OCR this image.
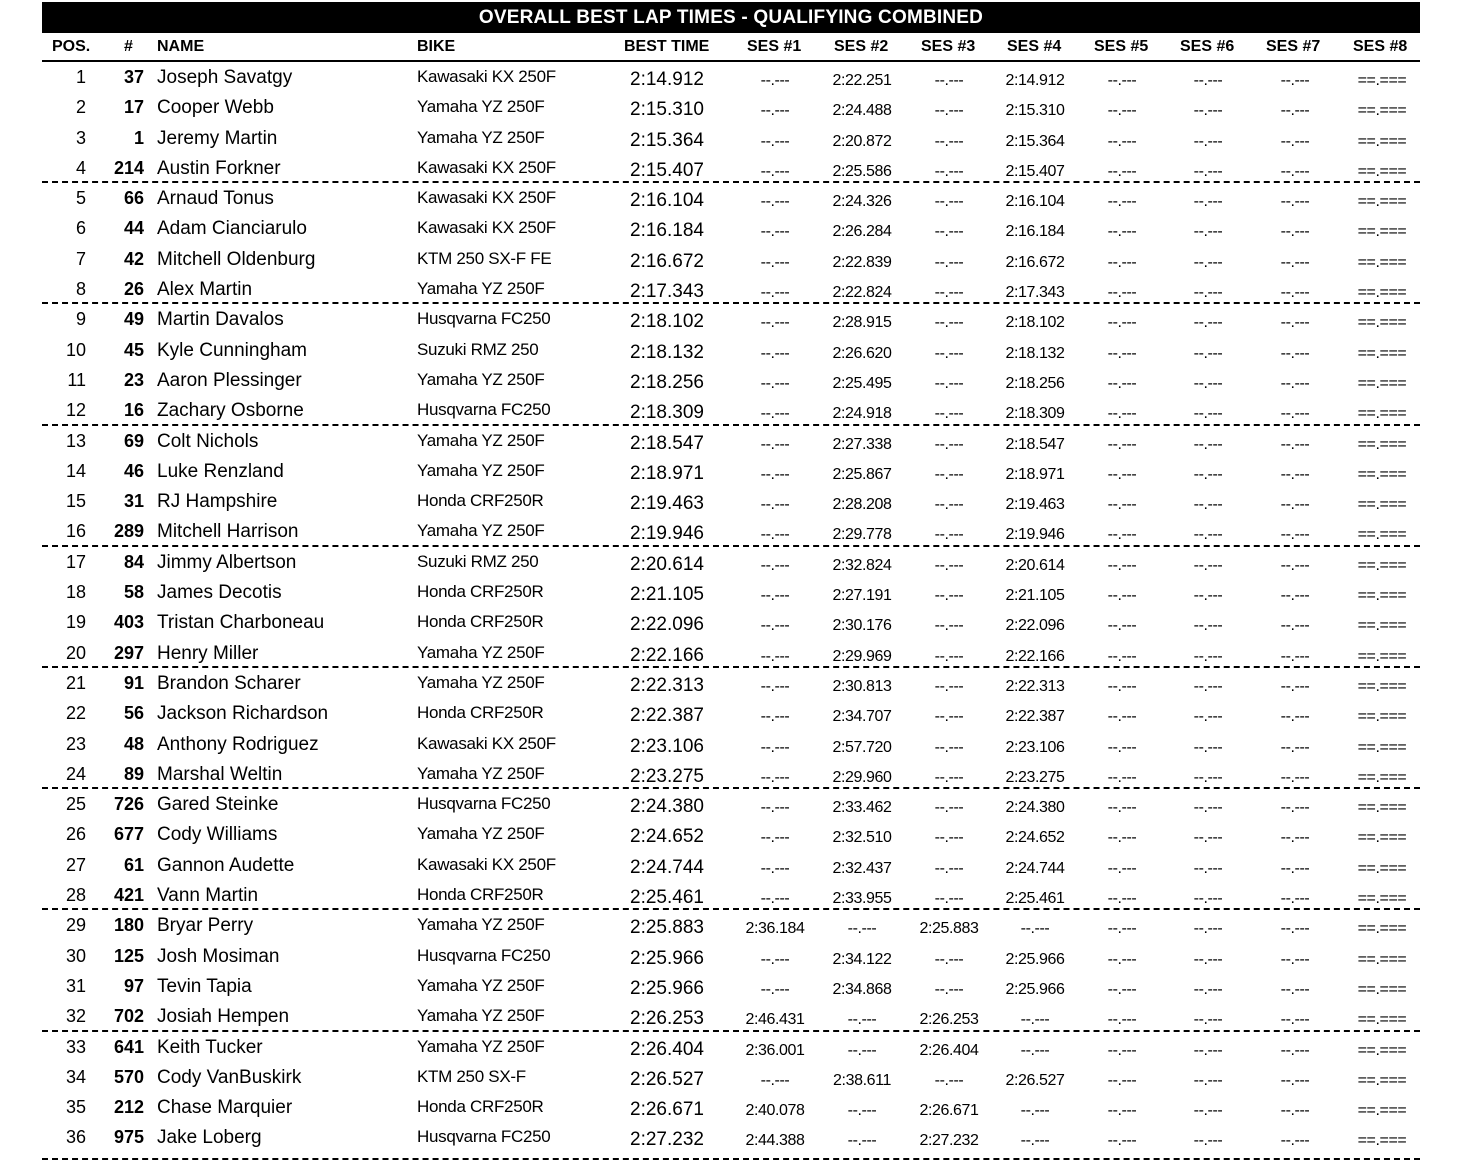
OVERALL BEST LAP TIMES - QUALIFYING COMBINED
POS. # NAME	BIKE	BEST TIME SES #1 SES #2 SES #3 SES #4 SES #5 SES #6 SES #7 SES #8
1	37 Joseph Savatgy	Kawasaki KX 250F	2:14.912	--.---	2:22.251	--.---	2:14.912	--.---	--.---	--.---	==.===
2	17 Cooper Webb	Yamaha YZ 250F	2:15.310	--.---	2:24.488	--.---	2:15.310	--.---	--.---	--.---	==.===
3	1 Jeremy Martin	Yamaha YZ 250F	2:15.364	--.---	2:20.872	--.---	2:15.364	--.---	--.---	--.---	==.===
4	214 Austin Forkner	Kawasaki KX 250F	2:15.407	--.---	2:25.586	--.---	2:15.407	--.---	--.---	--.---	==.===
5	66 Arnaud Tonus	Kawasaki KX 250F	2:16.104	--.---	2:24.326	--.---	2:16.104	--.---	--.---	--.---	==.===
6	44 Adam Cianciarulo	Kawasaki KX 250F	2:16.184	--.---	2:26.284	--.---	2:16.184	--.---	--.---	--.---	==.===
7	42 Mitchell Oldenburg	KTM 250 SX-F FE	2:16.672	--.---	2:22.839	--.---	2:16.672	--.---	--.---	--.---	==.===
8	26 Alex Martin	Yamaha YZ 250F	2:17.343	--.---	2:22.824	--.---	2:17.343	--.---	--.---	--.---	==.===
9	49 Martin Davalos	Husqvarna FC250	2:18.102	--.---	2:28.915	--.---	2:18.102	--.---	--.---	--.---	==.===
10	45 Kyle Cunningham	Suzuki RMZ 250	2:18.132	--.---	2:26.620	--.---	2:18.132	--.---	--.---	--.---	==.===
11	23 Aaron Plessinger	Yamaha YZ 250F	2:18.256	--.---	2:25.495	--.---	2:18.256	--.---	--.---	--.---	==.===
12	16 Zachary Osborne	Husqvarna FC250	2:18.309	--.---	2:24.918	--.---	2:18.309	--.---	--.---	--.---	==.===
13	69 Colt Nichols	Yamaha YZ 250F	2:18.547	--.---	2:27.338	--.---	2:18.547	--.---	--.---	--.---	==.===
14	46 Luke Renzland	Yamaha YZ 250F	2:18.971	--.---	2:25.867	--.---	2:18.971	--.---	--.---	--.---	==.===
15	31 RJ Hampshire	Honda CRF250R	2:19.463	--.---	2:28.208	--.---	2:19.463	--.---	--.---	--.---	==.===
16	289 Mitchell Harrison	Yamaha YZ 250F	2:19.946	--.---	2:29.778	--.---	2:19.946	--.---	--.---	--.---	==.===
17	84 Jimmy Albertson	Suzuki RMZ 250	2:20.614	--.---	2:32.824	--.---	2:20.614	--.---	--.---	--.---	==.===
18	58 James Decotis	Honda CRF250R	2:21.105	--.---	2:27.191	--.---	2:21.105	--.---	--.---	--.---	==.===
19	403 Tristan Charboneau	Honda CRF250R	2:22.096	--.---	2:30.176	--.---	2:22.096	--.---	--.---	--.---	==.===
20	297 Henry Miller	Yamaha YZ 250F	2:22.166	--.---	2:29.969	--.---	2:22.166	--.---	--.---	--.---	==.===
21	91 Brandon Scharer	Yamaha YZ 250F	2:22.313	--.---	2:30.813	--.---	2:22.313	--.---	--.---	--.---	==.===
22	56 Jackson Richardson	Honda CRF250R	2:22.387	--.---	2:34.707	--.---	2:22.387	--.---	--.---	--.---	==.===
23	48 Anthony Rodriguez	Kawasaki KX 250F	2:23.106	--.---	2:57.720	--.---	2:23.106	--.---	--.---	--.---	==.===
24	89 Marshal Weltin	Yamaha YZ 250F	2:23.275	--.---	2:29.960	--.---	2:23.275	--.---	--.---	--.---	==.===
25	726 Gared Steinke	Husqvarna FC250	2:24.380	--.---	2:33.462	--.---	2:24.380	--.---	--.---	--.---	==.===
26	677 Cody Williams	Yamaha YZ 250F	2:24.652	--.---	2:32.510	--.---	2:24.652	--.---	--.---	--.---	==.===
27	61 Gannon Audette	Kawasaki KX 250F	2:24.744	--.---	2:32.437	--.---	2:24.744	--.---	--.---	--.---	==.===
28	421 Vann Martin	Honda CRF250R	2:25.461	--.---	2:33.955	--.---	2:25.461	--.---	--.---	--.---	==.===
29	180 Bryar Perry	Yamaha YZ 250F	2:25.883	2:36.184	--.---	2:25.883	--.---	--.---	--.---	--.---	==.===
30	125 Josh Mosiman	Husqvarna FC250	2:25.966	--.---	2:34.122	--.---	2:25.966	--.---	--.---	--.---	==.===
31	97 Tevin Tapia	Yamaha YZ 250F	2:25.966	--.---	2:34.868	--.---	2:25.966	--.---	--.---	--.---	==.===
32	702 Josiah Hempen	Yamaha YZ 250F	2:26.253	2:46.431	--.---	2:26.253	--.---	--.---	--.---	--.---	==.===
33	641 Keith Tucker	Yamaha YZ 250F	2:26.404	2:36.001	--.---	2:26.404	--.---	--.---	--.---	--.---	==.===
34	570 Cody VanBuskirk	KTM 250 SX-F	2:26.527	--.---	2:38.611	--.---	2:26.527	--.---	--.---	--.---	==.===
35	212 Chase Marquier	Honda CRF250R	2:26.671	2:40.078	--.---	2:26.671	--.---	--.---	--.---	--.---	==.===
36	975 Jake Loberg	Husqvarna FC250	2:27.232	2:44.388	--.---	2:27.232	--.---	--.---	--.---	--.---	==.===
